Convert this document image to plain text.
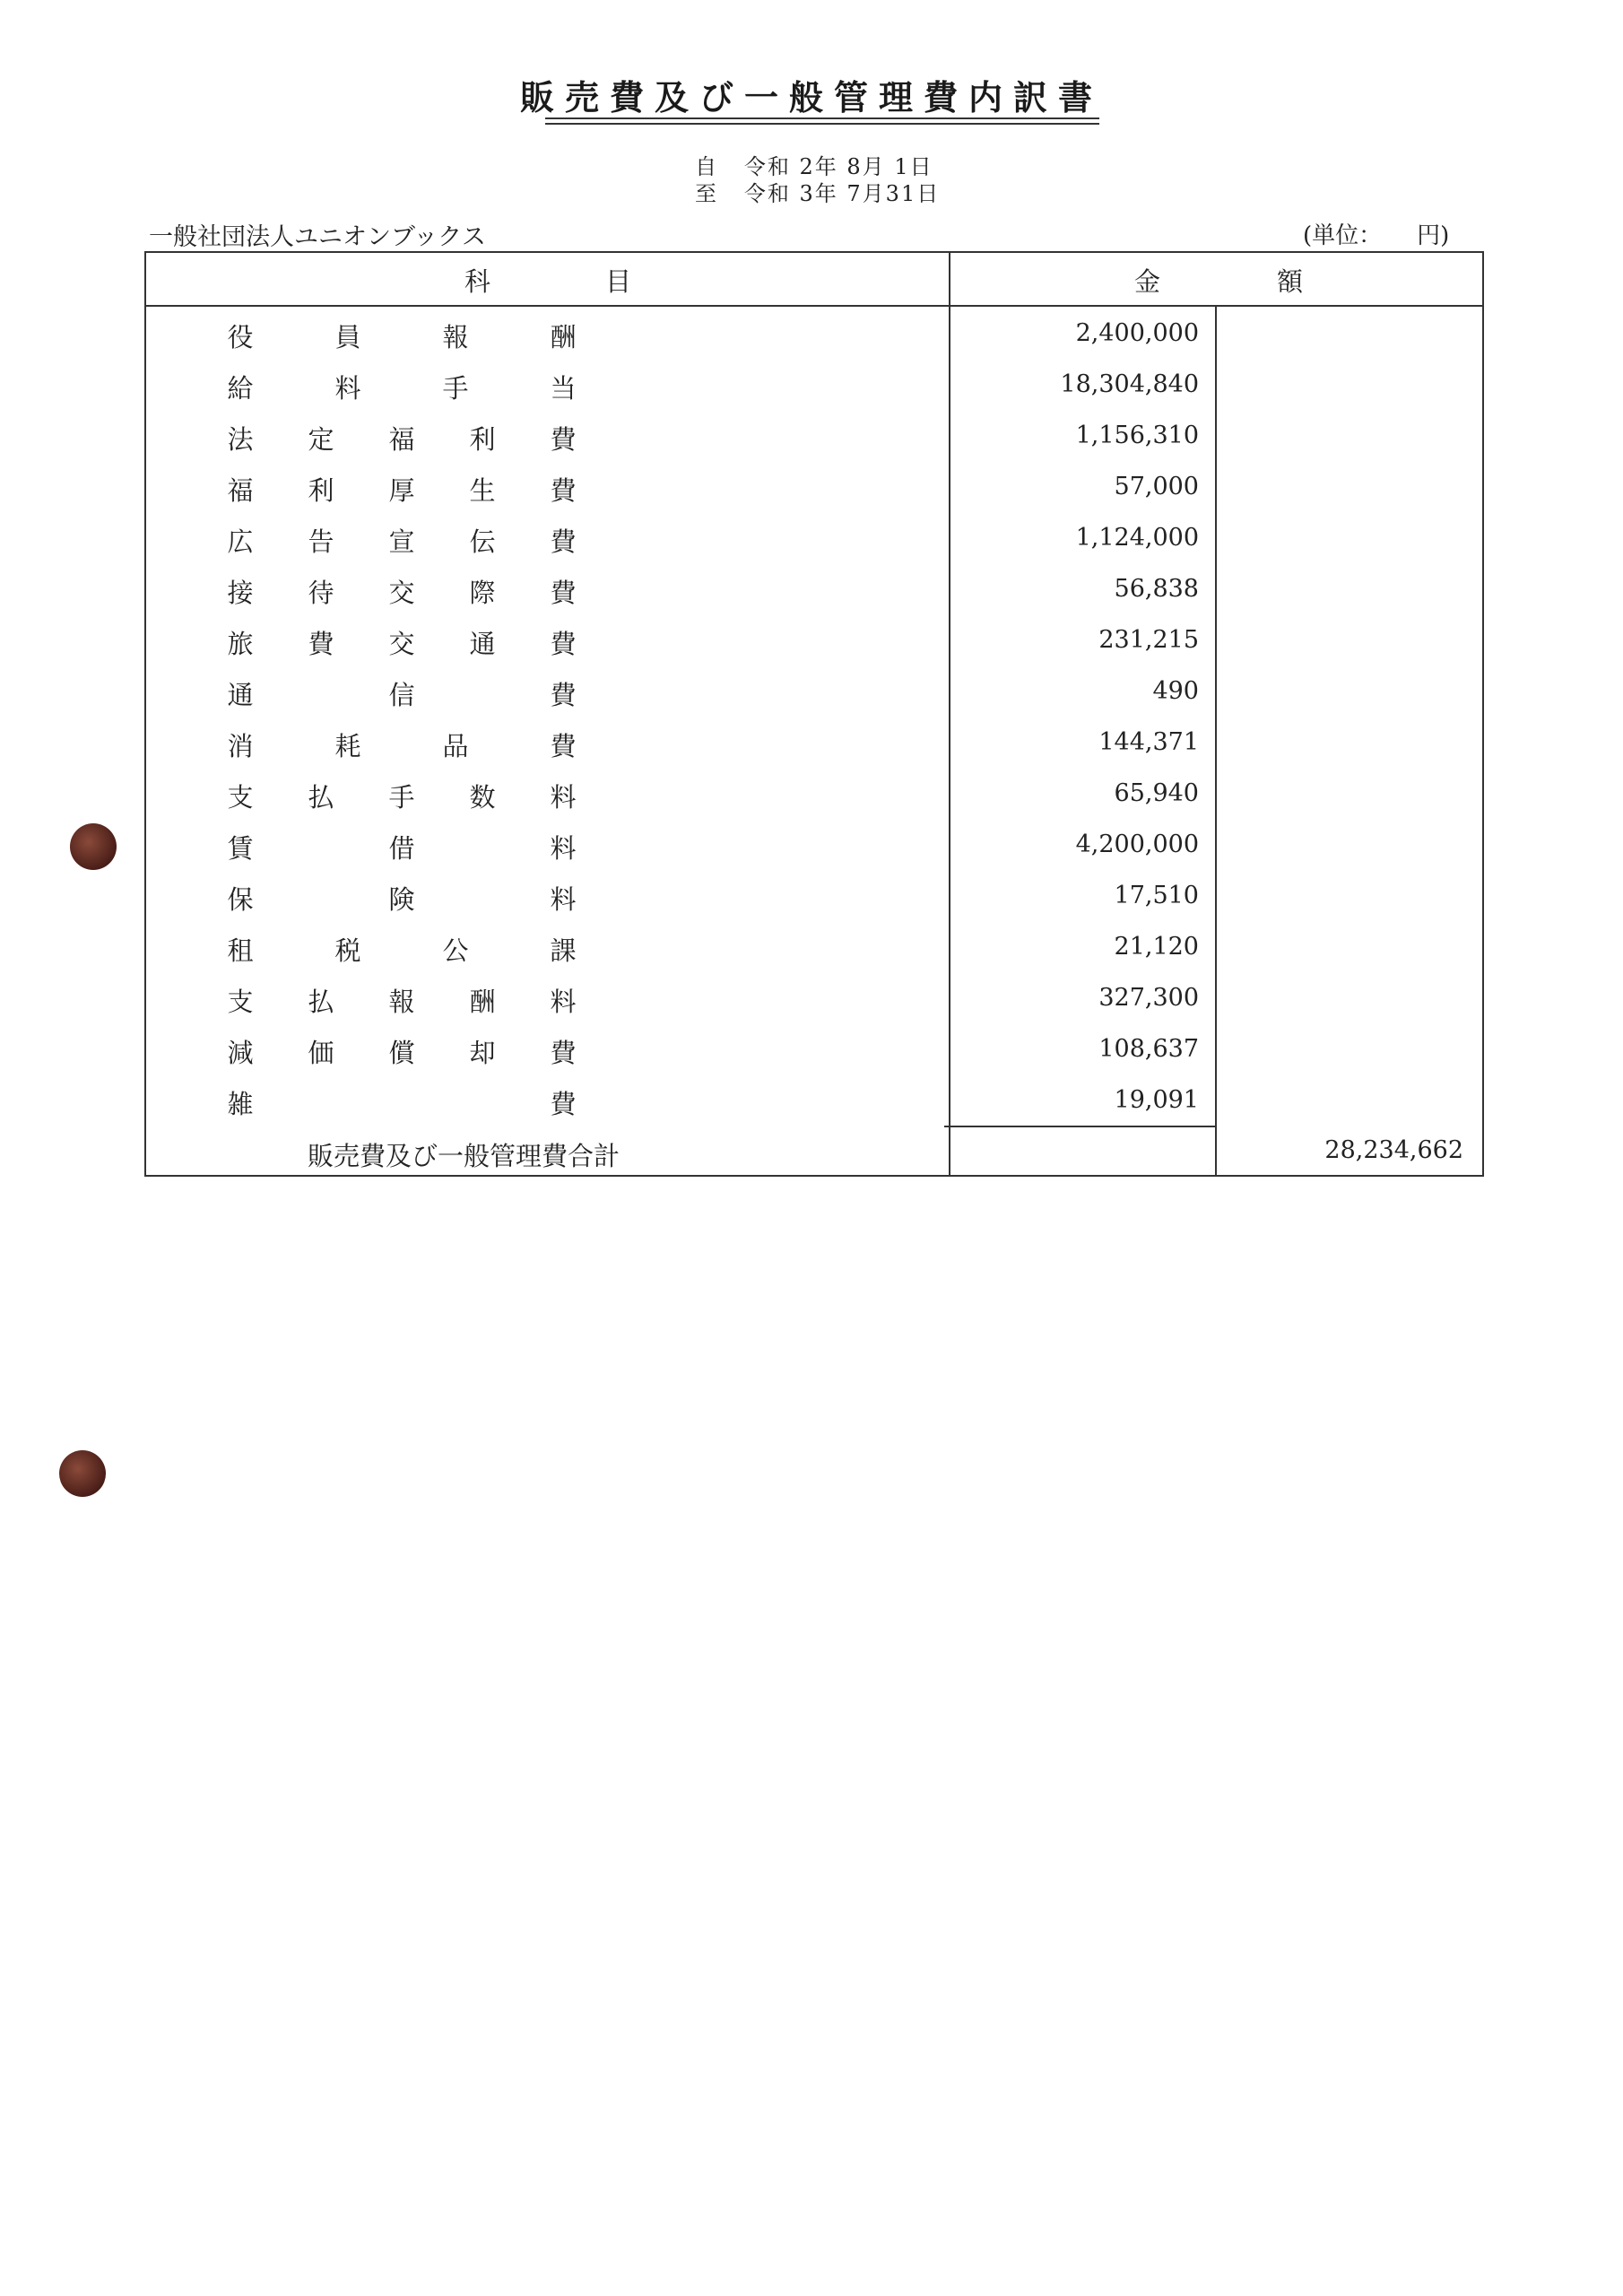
販売費及び一般管理費内訳書
自 令和 2年 8月 1日
至 令和 3年 7月31日
一般社団法人ユニオンブックス	(単位：　　円)
科	目	金	額
役	員	報	酬	2,400,000
給	料	手	当	18,304,840
法 定 福 利 費	1,156,310
福 利 厚 生 費	57,000
広 告 宣 伝 費	1,124,000
接 待 交 際 費	56,838
旅 費 交 通 費	231,215
通	信	費	490
消	耗	品	費	144,371
支 払 手 数 料	65,940
賃	借	料	4,200,000
保	険	料	17,510
租	税	公	課	21,120
支 払 報 酬 料	327,300
減 価 償 却 費	108,637
雑	費	19,091
販売費及び一般管理費合計	28,234,662
